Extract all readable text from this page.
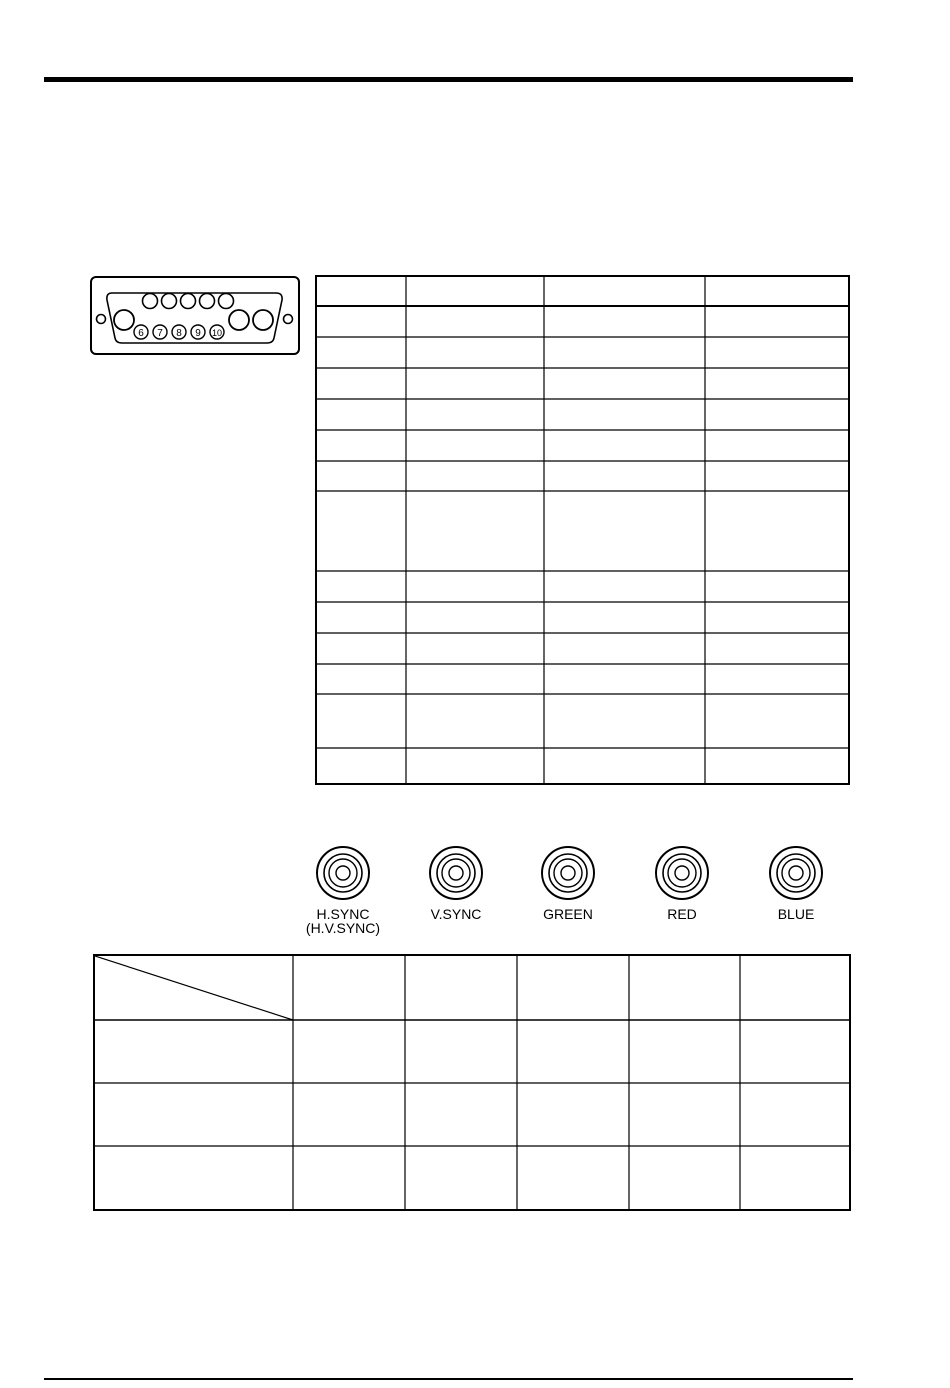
6 7 8 9 10
H.SYNC
(H.V.SYNC)
V.SYNC	GREEN	RED	BLUE
